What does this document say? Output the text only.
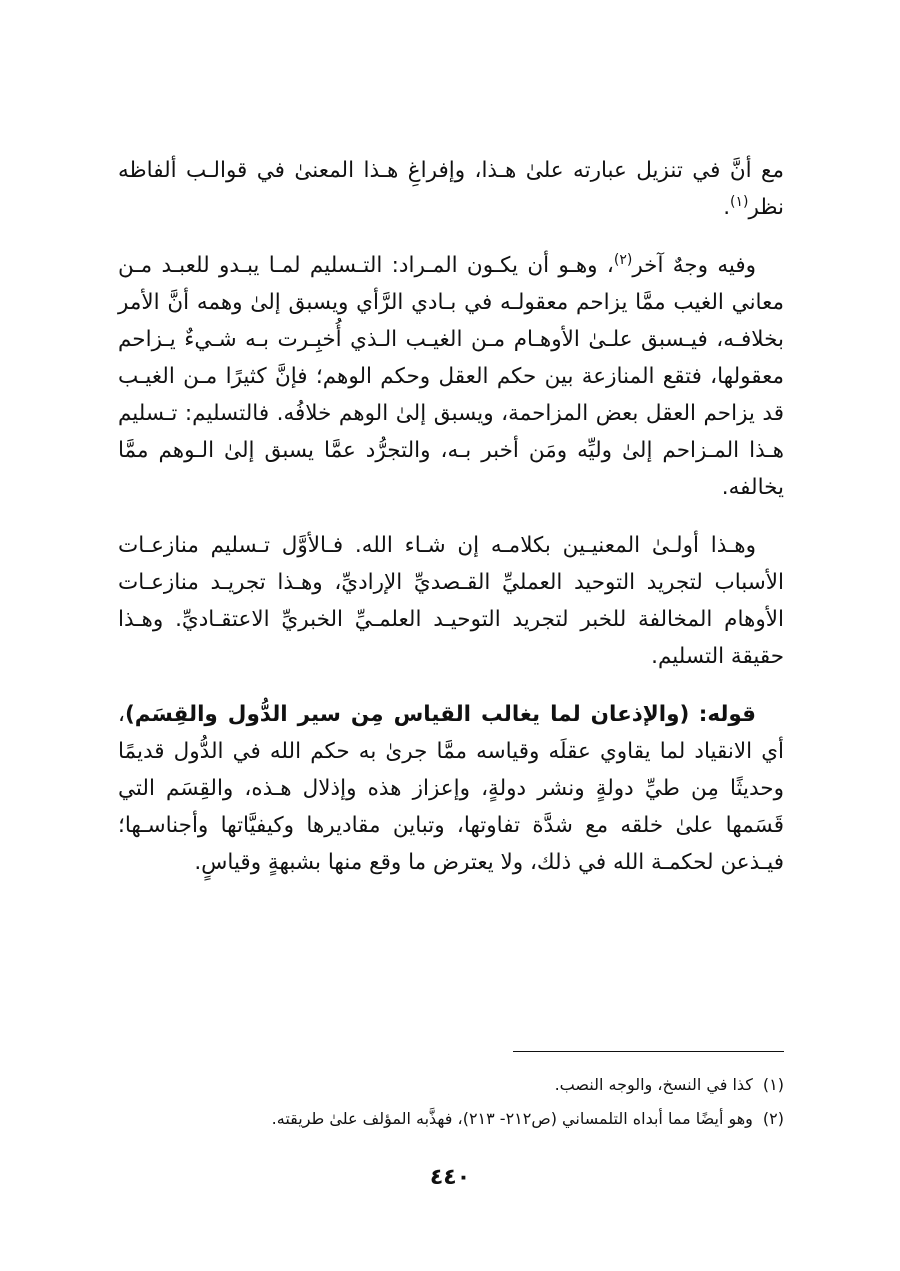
مع أنَّ في تنزيل عبارته علىٰ هـذا، وإفراغِ هـذا المعنىٰ في قوالـب ألفاظه نظر$^{(١)}$.

وفيه وجهٌ آخر$^{(٢)}$، وهـو أن يكـون المـراد: التـسليم لمـا يبـدو للعبـد مـن معاني الغيب ممَّا يزاحم معقولـه في بـادي الرَّأي ويسبق إلىٰ وهمه أنَّ الأمر بخلافـه، فيـسبق علـىٰ الأوهـام مـن الغيـب الـذي أُخبِـرت بـه شـيءٌ يـزاحم معقولها، فتقع المنازعة بين حكم العقل وحكم الوهم؛ فإنَّ كثيرًا مـن الغيـب قد يزاحم العقل بعض المزاحمة، ويسبق إلىٰ الوهم خلافُه. فالتسليم: تـسليم هـذا المـزاحم إلىٰ وليِّه ومَن أخبر بـه، والتجرُّد عمَّا يسبق إلىٰ الـوهم ممَّا يخالفه.

وهـذا أولـىٰ المعنيـين بكلامـه إن شـاء الله. فـالأوَّل تـسليم منازعـات الأسباب لتجريد التوحيد العمليِّ القـصديِّ الإراديِّ، وهـذا تجريـد منازعـات الأوهام المخالفة للخبر لتجريد التوحيـد العلمـيِّ الخبريِّ الاعتقـاديِّ. وهـذا حقيقة التسليم.

قوله: (والإذعان لما يغالب القياس مِن سير الدُّول والقِسَم)، أي الانقياد لما يقاوي عقلَه وقياسه ممَّا جرىٰ به حكم الله في الدُّول قديمًا وحديثًا مِن طيِّ دولةٍ ونشر دولةٍ، وإعزاز هذه وإذلال هـذه، والقِسَم التي قَسَمها علىٰ خلقه مع شدَّة تفاوتها، وتباين مقاديرها وكيفيَّاتها وأجناسـها؛ فيـذعن لحكمـة الله في ذلك، ولا يعترض ما وقع منها بشبهةٍ وقياسٍ.

(١)
كذا في النسخ، والوجه النصب.
(٢)
وهو أيضًا مما أبداه التلمساني (ص٢١٢- ٢١٣)، فهذَّبه المؤلف علىٰ طريقته.
٤٤٠
